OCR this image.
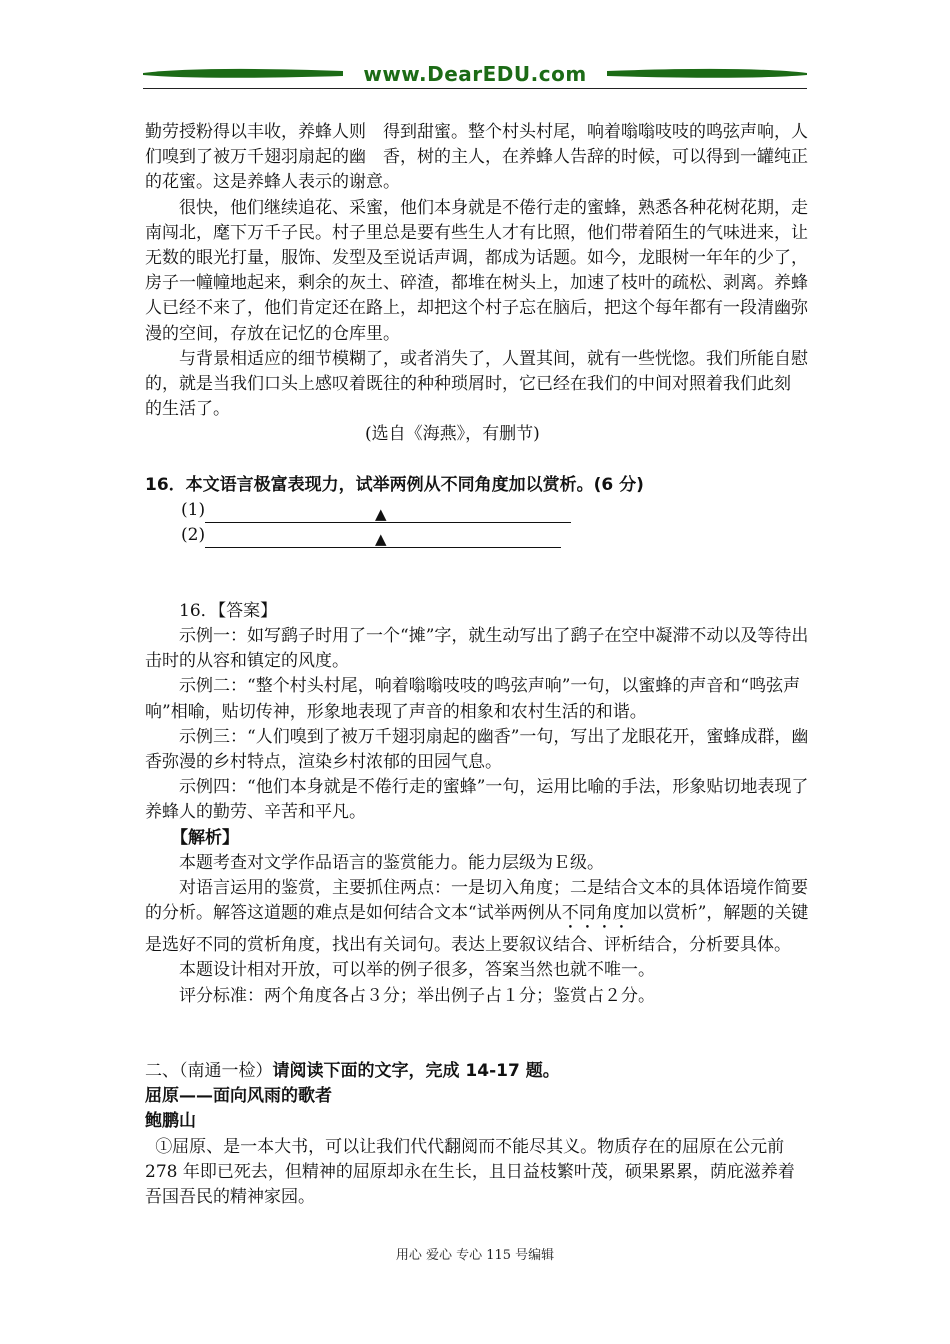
www.DearEDU.com

勤劳授粉得以丰收，养蜂人则　得到甜蜜。整个村头村尾，响着嗡嗡吱吱的鸣弦声响，人们嗅到了被万千翅羽扇起的幽　香，树的主人，在养蜂人告辞的时候，可以得到一罐纯正的花蜜。这是养蜂人表示的谢意。

很快，他们继续追花、采蜜，他们本身就是不倦行走的蜜蜂，熟悉各种花树花期，走南闯北，麾下万千子民。村子里总是要有些生人才有比照，他们带着陌生的气味进来，让无数的眼光打量，服饰、发型及至说话声调，都成为话题。如今，龙眼树一年年的少了，房子一幢幢地起来，剩余的灰土、碎渣，都堆在树头上，加速了枝叶的疏松、剥离。养蜂人已经不来了，他们肯定还在路上，却把这个村子忘在脑后，把这个每年都有一段清幽弥漫的空间，存放在记忆的仓库里。

与背景相适应的细节模糊了，或者消失了，人置其间，就有一些恍惚。我们所能自慰　的，就是当我们口头上感叹着既往的种种琐屑时，它已经在我们的中间对照着我们此刻　的生活了。

(选自《海燕》，有删节)

16．本文语言极富表现力，试举两例从不同角度加以赏析。(6 分)

(1)	▲
(2)	▲

16．【答案】

示例一：如写鹞子时用了一个“摊”字，就生动写出了鹞子在空中凝滞不动以及等待出击时的从容和镇定的风度。

示例二：“整个村头村尾，响着嗡嗡吱吱的鸣弦声响”一句，以蜜蜂的声音和“鸣弦声响”相喻，贴切传神，形象地表现了声音的相象和农村生活的和谐。

示例三：“人们嗅到了被万千翅羽扇起的幽香”一句，写出了龙眼花开，蜜蜂成群，幽香弥漫的乡村特点，渲染乡村浓郁的田园气息。

示例四：“他们本身就是不倦行走的蜜蜂”一句，运用比喻的手法，形象贴切地表现了养蜂人的勤劳、辛苦和平凡。

【解析】

本题考查对文学作品语言的鉴赏能力。能力层级为Ｅ级。

对语言运用的鉴赏，主要抓住两点：一是切入角度；二是结合文本的具体语境作简要的分析。解答这道题的难点是如何结合文本“试举两例从不同角度加以赏析”，解题的关键是选好不同的赏析角度，找出有关词句。表达上要叙议结合、评析结合，分析要具体。

本题设计相对开放，可以举的例子很多，答案当然也就不唯一。

评分标准：两个角度各占３分；举出例子占１分；鉴赏占２分。

二、（南通一检）请阅读下面的文字，完成 14-17 题。

屈原——面向风雨的歌者

鲍鹏山

①屈原、是一本大书，可以让我们代代翻阅而不能尽其义。物质存在的屈原在公元前 278 年即已死去，但精神的屈原却永在生长，且日益枝繁叶茂，硕果累累，荫庇滋养着吾国吾民的精神家园。

用心 爱心 专心 115 号编辑
